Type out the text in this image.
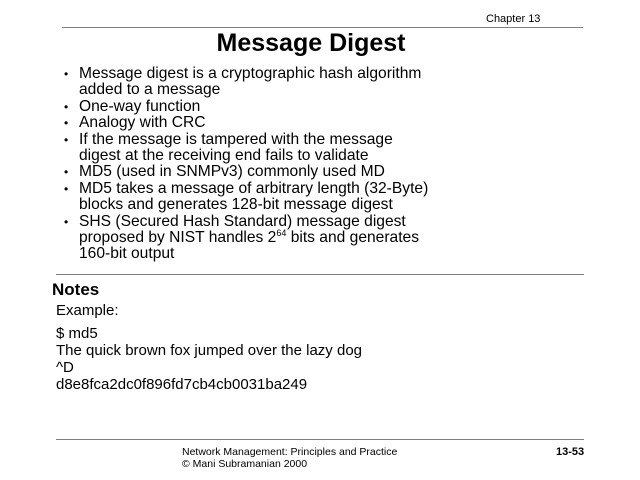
Chapter 13
Message Digest
• Message digest is a cryptographic hash algorithm
added to a message
• One-way function
• Analogy with CRC
• If the message is tampered with the message
digest at the receiving end fails to validate
• MD5 (used in SNMPv3) commonly used MD
• MD5 takes a message of arbitrary length (32-Byte)
blocks and generates 128-bit message digest
• SHS (Secured Hash Standard) message digest
proposed by NIST handles $2^{64}$ bits and generates
160-bit output
Notes
Example:
$ md5
The quick brown fox jumped over the lazy dog
^D
d8e8fca2dc0f896fd7cb4cb0031ba249
Network Management: Principles and Practice
© Mani Subramanian 2000
13-53
